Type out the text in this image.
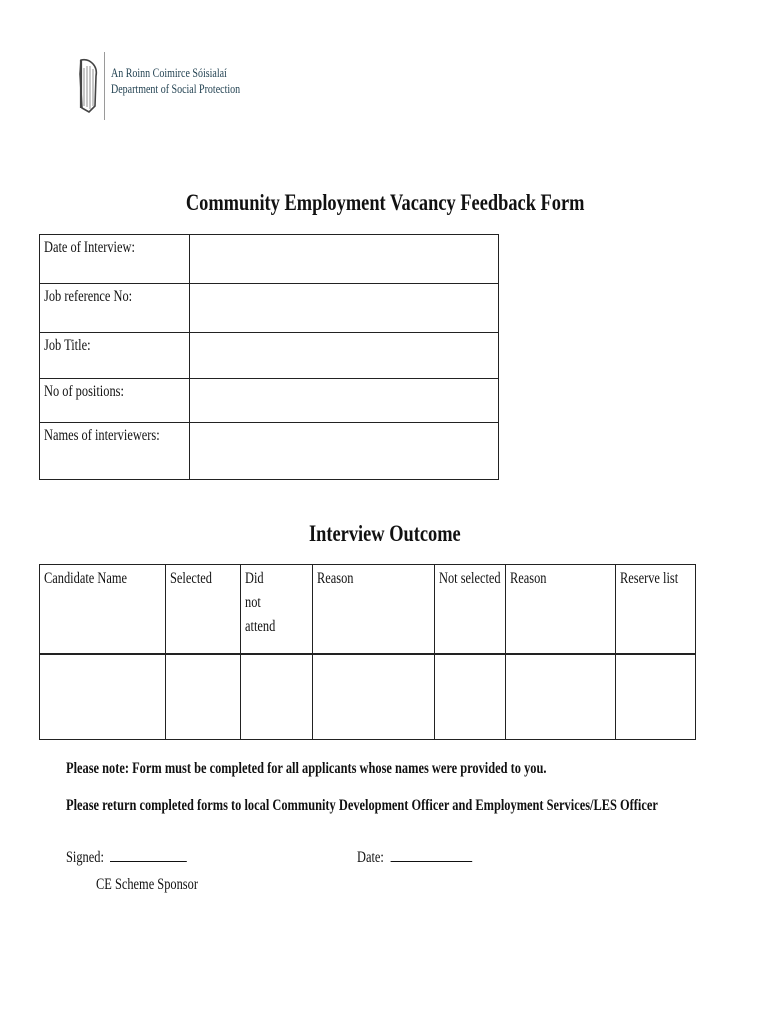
An Roinn Coimirce Sóisialaí
Department of Social Protection
Community Employment Vacancy Feedback Form
Date of Interview:	
Job reference No:	
Job Title:	
No of positions:	
Names of interviewers:	
Interview Outcome
Candidate Name	Selected	Did not attend	Reason	Not selected	Reason	Reserve list

Please note: Form must be completed for all applicants whose names were provided to you.
Please return completed forms to local Community Development Officer and Employment Services/LES Officer
Signed:
CE Scheme Sponsor
Date:
